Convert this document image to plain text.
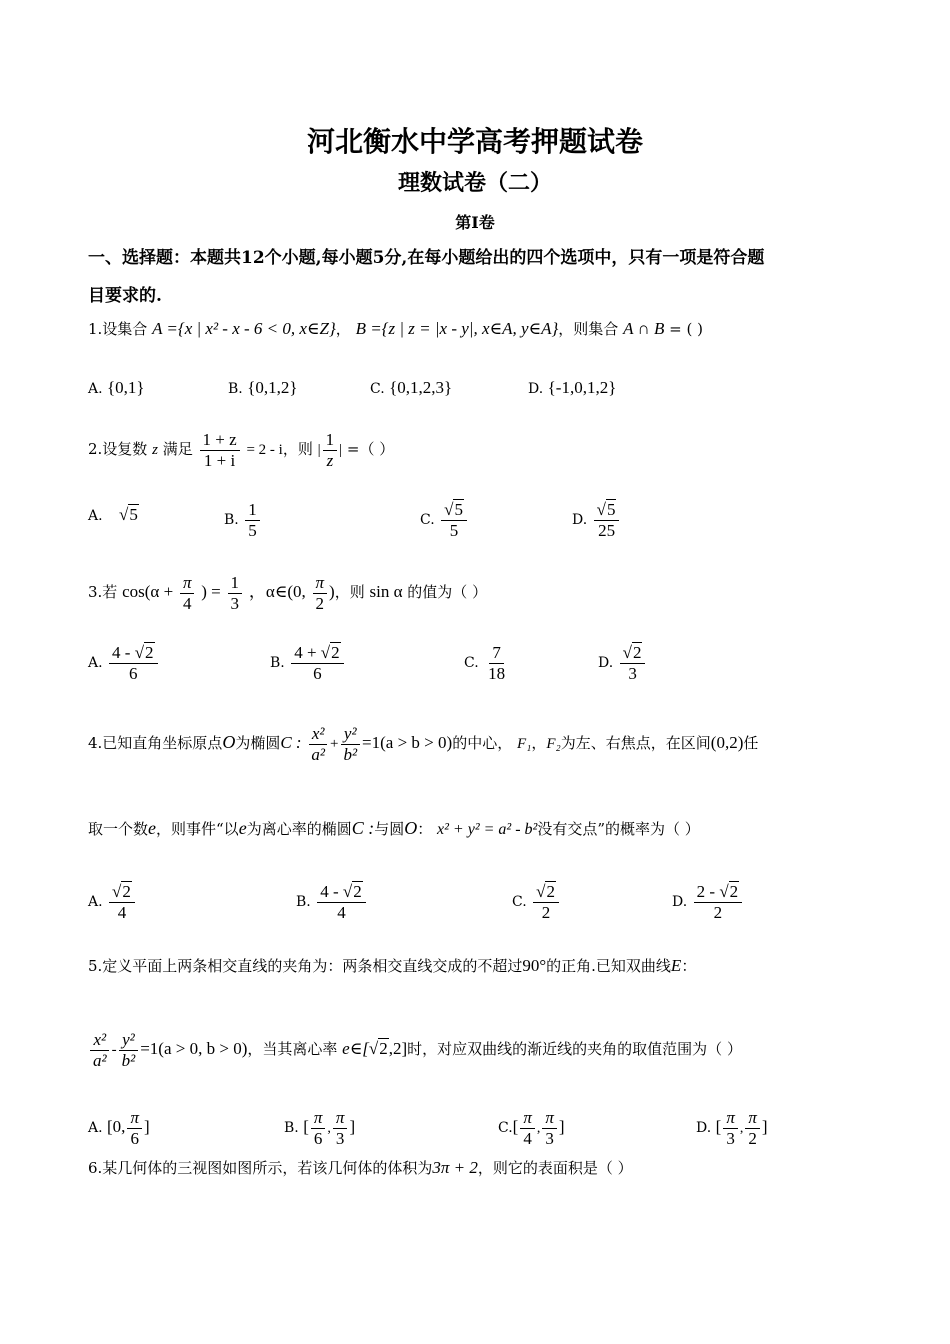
河北衡水中学高考押题试卷
理数试卷（二）
第Ⅰ卷
一、选择题：本题共12个小题,每小题5分,在每小题给出的四个选项中，只有一项是符合题
目要求的.
1.设集合 A ={x | x² - x - 6 < 0, x∈Z}， B ={z | z = |x - y|, x∈A, y∈A}，则集合 A ∩ B = ( )
A. {0,1}	B. {0,1,2}	C. {0,1,2,3}	D. {-1,0,1,2}
2.设复数 z 满足 $\frac{1 + z}{1 + i} = 2 - i$，则 | $\frac{1}{z}$ | =（ ）
A. √5	B. $\frac{1}{5}$	C. $\frac{√5}{5}$	D. $\frac{√5}{25}$
3.若 $\cos(\alpha + \frac{\pi}{4}$ ) = $\frac{1}{3}$ ，α∈(0, $\frac{\pi}{2}$ )，则 sin α 的值为（ ）
A. $\frac{4 - √2}{6}$	B. $\frac{4 + √2}{6}$	C. $\frac{7}{18}$	D. $\frac{√2}{3}$
4.已知直角坐标原点O为椭圆C : $\frac{\text{x²}}{\text{a²}} + \frac{\text{y²}}{\text{b²}} =1(a > b > 0)$的中心， F₁，F₂为左、右焦点，在区间(0,2)任
取一个数e，则事件“以e为离心率的椭圆C :与圆O： x² + y² = a² - b²没有交点”的概率为（ ）
A. $\frac{√2}{4}$	B. $\frac{4 - √2}{4}$	C. $\frac{√2}{2}$	D. $\frac{2 - √2}{2}$
5.定义平面上两条相交直线的夹角为：两条相交直线交成的不超过90°的正角.已知双曲线E：
$\frac{\text{x²}}{\text{a²}} - \frac{\text{y²}}{\text{b²}} =1(a > 0$, b > 0)，当其离心率 e∈[√2,2]时，对应双曲线的渐近线的夹角的取值范围为（ ）
A. [0, $\frac{\pi}{6}$ ]	B. [ $\frac{\pi}{6}$ , $\frac{\pi}{3}$ ]	$C.[ \frac{\pi}{4}$ , $\frac{\pi}{3}$ ]	D. [ $\frac{\pi}{3}$ , $\frac{\pi}{2}$ ]
6.某几何体的三视图如图所示，若该几何体的体积为3π + 2，则它的表面积是（ ）
